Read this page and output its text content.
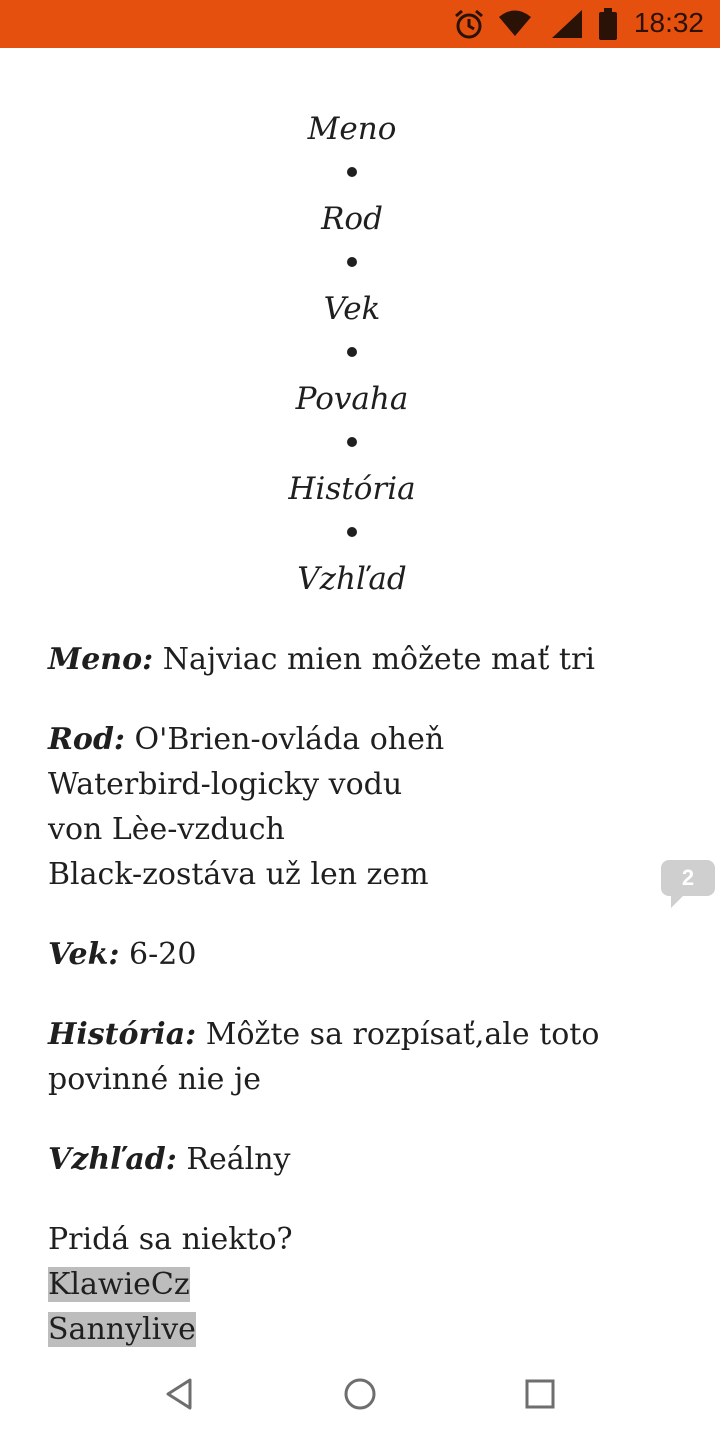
18:32
Meno
Rod
Vek
Povaha
História
Vzhľad

Meno: Najviac mien môžete mať tri

Rod: O'Brien-ovláda oheň
Waterbird-logicky vodu
von Lèe-vzduch
Black-zostáva už len zem

Vek: 6-20

História: Môžte sa rozpísať,ale toto povinné nie je

Vzhľad: Reálny

Pridá sa niekto?
KlawieCz
Sannylive

2
